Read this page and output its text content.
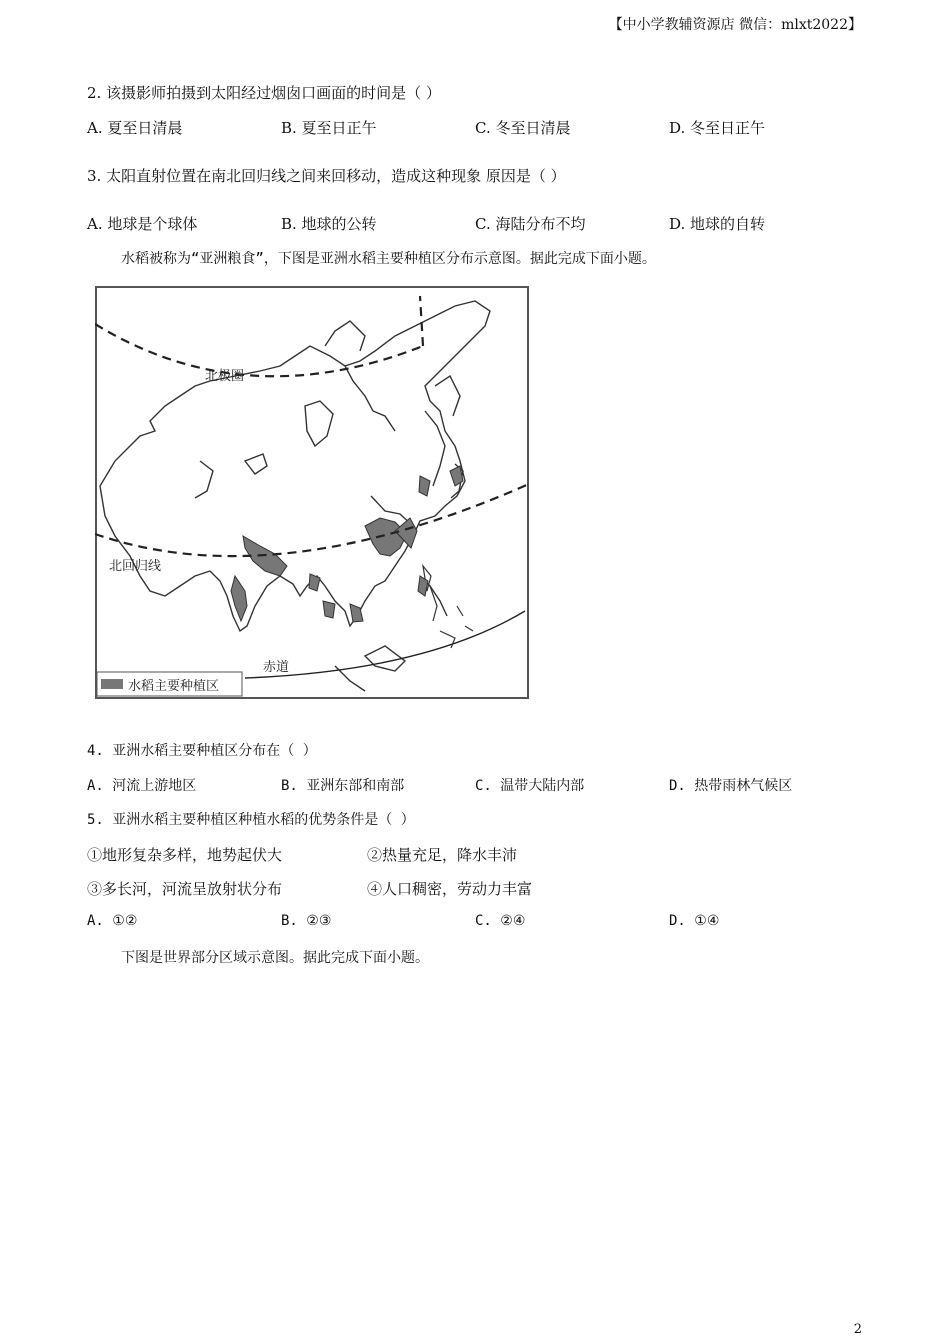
【中小学教辅资源店 微信：mlxt2022】
2. 该摄影师拍摄到太阳经过烟囱口画面的时间是（ ）
A. 夏至日清晨	B. 夏至日正午	C. 冬至日清晨	D. 冬至日正午
3. 太阳直射位置在南北回归线之间来回移动，造成这种现象 原因是（ ）
A. 地球是个球体	B. 地球的公转	C. 海陆分布不均	D. 地球的自转
水稻被称为“亚洲粮食”，下图是亚洲水稻主要种植区分布示意图。据此完成下面小题。
北极圈
北回归线
赤道
水稻主要种植区
4. 亚洲水稻主要种植区分布在（ ）
A. 河流上游地区	B. 亚洲东部和南部	C. 温带大陆内部	D. 热带雨林气候区
5. 亚洲水稻主要种植区种植水稻的优势条件是（ ）
①地形复杂多样，地势起伏大	②热量充足，降水丰沛
③多长河，河流呈放射状分布	④人口稠密，劳动力丰富
A. ①②	B. ②③	C. ②④	D. ①④
下图是世界部分区域示意图。据此完成下面小题。
2
